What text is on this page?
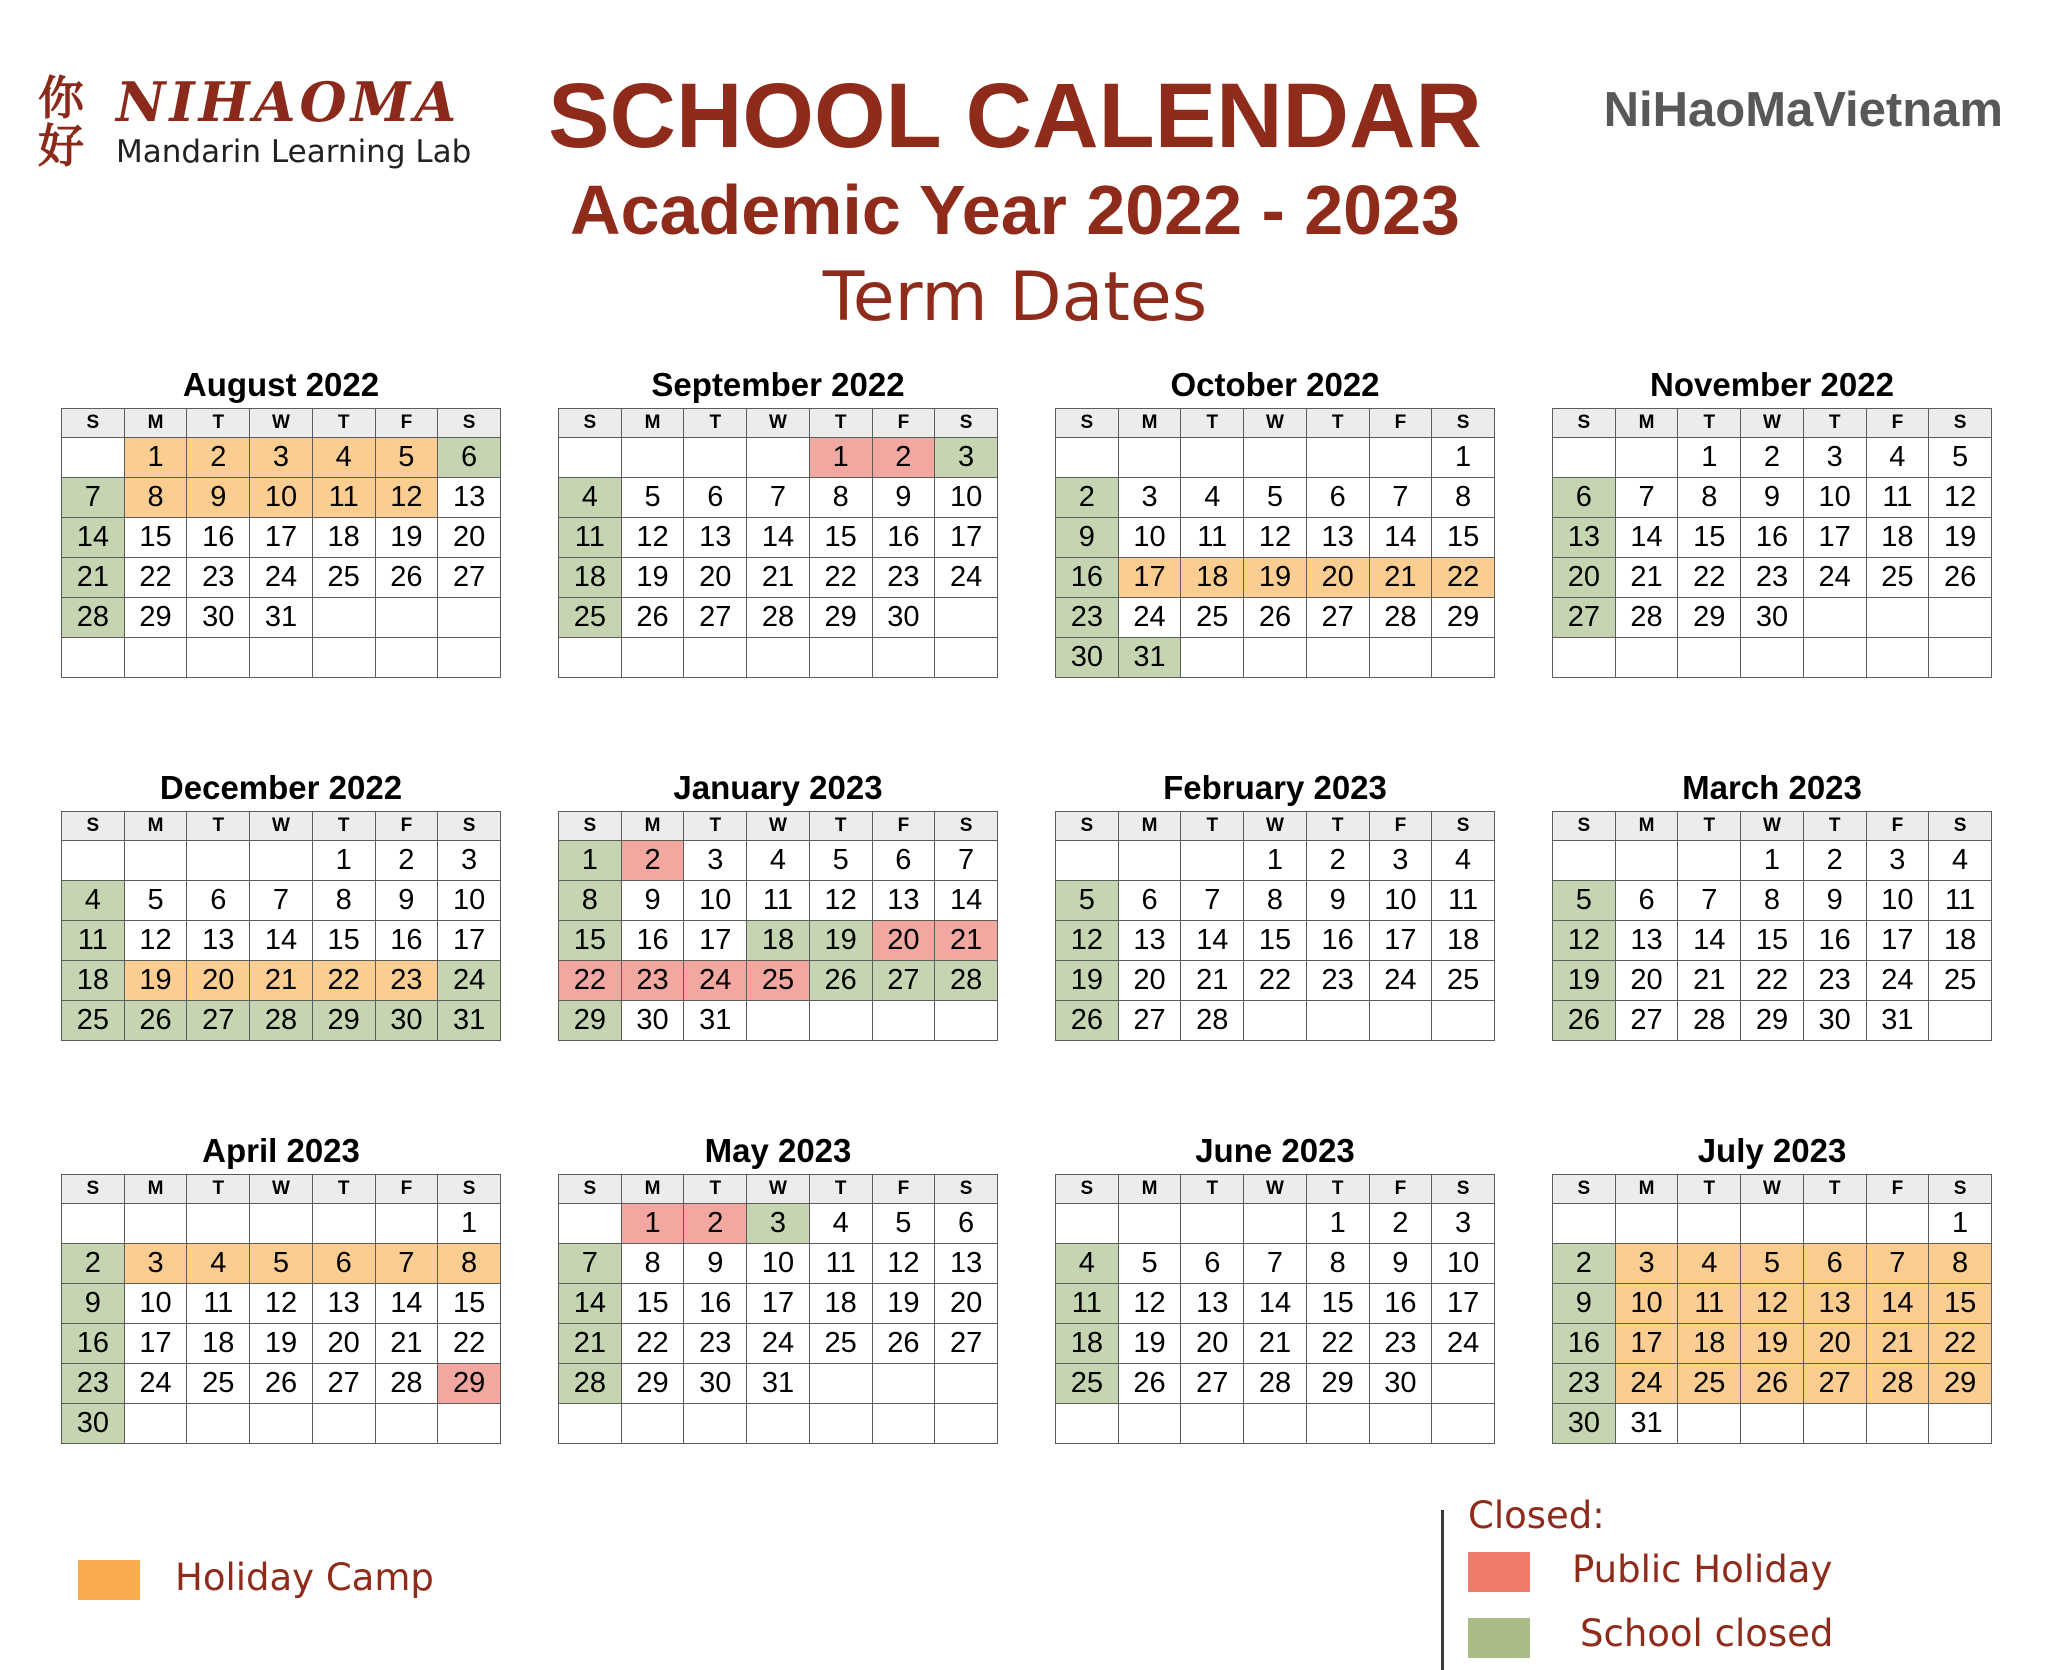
你
好
NIHAOMA
Mandarin Learning Lab SCHOOL CALENDAR
Academic Year 2022 - 2023
Term Dates
NiHaoMaVietnam
August 2022
S	M	T	W	T	F	S
	1	2	3	4	5	6
7	8	9	10	11	12	13
14	15	16	17	18	19	20
21	22	23	24	25	26	27
28	29	30	31			

September 2022
S	M	T	W	T	F	S
				1	2	3
4	5	6	7	8	9	10
11	12	13	14	15	16	17
18	19	20	21	22	23	24
25	26	27	28	29	30	

October 2022
S	M	T	W	T	F	S
						1
2	3	4	5	6	7	8
9	10	11	12	13	14	15
16	17	18	19	20	21	22
23	24	25	26	27	28	29
30	31					
November 2022
S	M	T	W	T	F	S
		1	2	3	4	5
6	7	8	9	10	11	12
13	14	15	16	17	18	19
20	21	22	23	24	25	26
27	28	29	30			

December 2022
S	M	T	W	T	F	S
				1	2	3
4	5	6	7	8	9	10
11	12	13	14	15	16	17
18	19	20	21	22	23	24
25	26	27	28	29	30	31
January 2023
S	M	T	W	T	F	S
1	2	3	4	5	6	7
8	9	10	11	12	13	14
15	16	17	18	19	20	21
22	23	24	25	26	27	28
29	30	31				
February 2023
S	M	T	W	T	F	S
			1	2	3	4
5	6	7	8	9	10	11
12	13	14	15	16	17	18
19	20	21	22	23	24	25
26	27	28				
March 2023
S	M	T	W	T	F	S
			1	2	3	4
5	6	7	8	9	10	11
12	13	14	15	16	17	18
19	20	21	22	23	24	25
26	27	28	29	30	31	
April 2023
S	M	T	W	T	F	S
						1
2	3	4	5	6	7	8
9	10	11	12	13	14	15
16	17	18	19	20	21	22
23	24	25	26	27	28	29
30						
May 2023
S	M	T	W	T	F	S
	1	2	3	4	5	6
7	8	9	10	11	12	13
14	15	16	17	18	19	20
21	22	23	24	25	26	27
28	29	30	31			

June 2023
S	M	T	W	T	F	S
				1	2	3
4	5	6	7	8	9	10
11	12	13	14	15	16	17
18	19	20	21	22	23	24
25	26	27	28	29	30	

July 2023
S	M	T	W	T	F	S
						1
2	3	4	5	6	7	8
9	10	11	12	13	14	15
16	17	18	19	20	21	22
23	24	25	26	27	28	29
30	31					
Holiday Camp
Closed:
Public Holiday
School closed
